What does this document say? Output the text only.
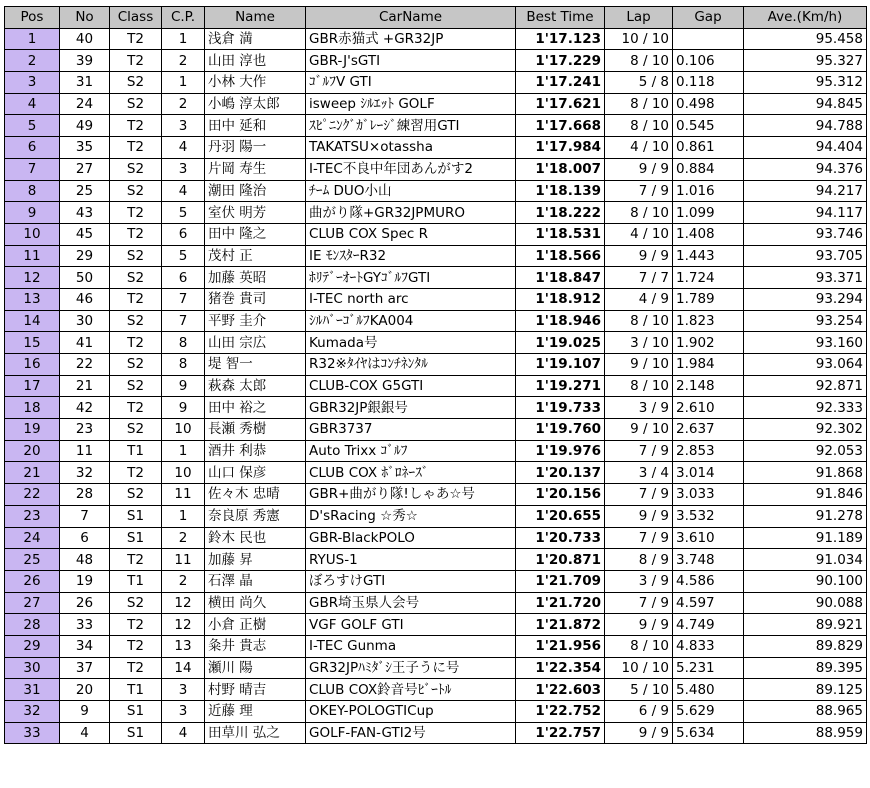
Pos	No	Class	C.P.	Name	CarName	Best Time	Lap	Gap	Ave.(Km/h)
1	40	T2	1	浅倉 満	GBR赤猫式 +GR32JP	1'17.123	10 / 10		95.458
2	39	T2	2	山田 淳也	GBR-J'sGTI	1'17.229	8 / 10	0.106	95.327
3	31	S2	1	小林 大作	ｺﾞﾙﾌV GTI	1'17.241	5 / 8	0.118	95.312
4	24	S2	2	小嶋 淳太郎	isweep ｼﾙｴｯﾄ GOLF	1'17.621	8 / 10	0.498	94.845
5	49	T2	3	田中 延和	ｽﾋﾟﾆﾝｸﾞｶﾞﾚｰｼﾞ練習用GTI	1'17.668	8 / 10	0.545	94.788
6	35	T2	4	丹羽 陽一	TAKATSU×otassha	1'17.984	4 / 10	0.861	94.404
7	27	S2	3	片岡 寿生	I-TEC不良中年団あんがす2	1'18.007	9 / 9	0.884	94.376
8	25	S2	4	潮田 隆治	ﾁｰﾑ DUO小山	1'18.139	7 / 9	1.016	94.217
9	43	T2	5	室伏 明芳	曲がり隊+GR32JPMURO	1'18.222	8 / 10	1.099	94.117
10	45	T2	6	田中 隆之	CLUB COX Spec R	1'18.531	4 / 10	1.408	93.746
11	29	S2	5	茂村 正	IE ﾓﾝｽﾀｰR32	1'18.566	9 / 9	1.443	93.705
12	50	S2	6	加藤 英昭	ﾎﾘﾃﾞｰｵｰﾄGYｺﾞﾙﾌGTI	1'18.847	7 / 7	1.724	93.371
13	46	T2	7	猪巻 貴司	I-TEC north arc	1'18.912	4 / 9	1.789	93.294
14	30	S2	7	平野 圭介	ｼﾙﾊﾞｰｺﾞﾙﾌKA004	1'18.946	8 / 10	1.823	93.254
15	41	T2	8	山田 宗広	Kumada号	1'19.025	3 / 10	1.902	93.160
16	22	S2	8	堤 智一	R32※ﾀｲﾔはｺﾝﾁﾈﾝﾀﾙ	1'19.107	9 / 10	1.984	93.064
17	21	S2	9	萩森 太郎	CLUB-COX G5GTI	1'19.271	8 / 10	2.148	92.871
18	42	T2	9	田中 裕之	GBR32JP銀銀号	1'19.733	3 / 9	2.610	92.333
19	23	S2	10	長瀬 秀樹	GBR3737	1'19.760	9 / 10	2.637	92.302
20	11	T1	1	酒井 利恭	Auto Trixx ｺﾞﾙﾌ	1'19.976	7 / 9	2.853	92.053
21	32	T2	10	山口 保彦	CLUB COX ﾎﾞﾛﾈｰｽﾞ	1'20.137	3 / 4	3.014	91.868
22	28	S2	11	佐々木 忠晴	GBR+曲がり隊!しゃあ☆号	1'20.156	7 / 9	3.033	91.846
23	7	S1	1	奈良原 秀憲	D'sRacing ☆秀☆	1'20.655	9 / 9	3.532	91.278
24	6	S1	2	鈴木 民也	GBR-BlackPOLO	1'20.733	7 / 9	3.610	91.189
25	48	T2	11	加藤 昇	RYUS-1	1'20.871	8 / 9	3.748	91.034
26	19	T1	2	石澤 晶	ぼろすけGTI	1'21.709	3 / 9	4.586	90.100
27	26	S2	12	横田 尚久	GBR埼玉県人会号	1'21.720	7 / 9	4.597	90.088
28	33	T2	12	小倉 正樹	VGF GOLF GTI	1'21.872	9 / 9	4.749	89.921
29	34	T2	13	粂井 貴志	I-TEC Gunma	1'21.956	8 / 10	4.833	89.829
30	37	T2	14	瀬川 陽	GR32JPﾊﾐﾀﾞｼ王子うに号	1'22.354	10 / 10	5.231	89.395
31	20	T1	3	村野 晴吉	CLUB COX鈴音号ﾋﾞｰﾄﾙ	1'22.603	5 / 10	5.480	89.125
32	9	S1	3	近藤 理	OKEY-POLOGTICup	1'22.752	6 / 9	5.629	88.965
33	4	S1	4	田草川 弘之	GOLF-FAN-GTI2号	1'22.757	9 / 9	5.634	88.959
